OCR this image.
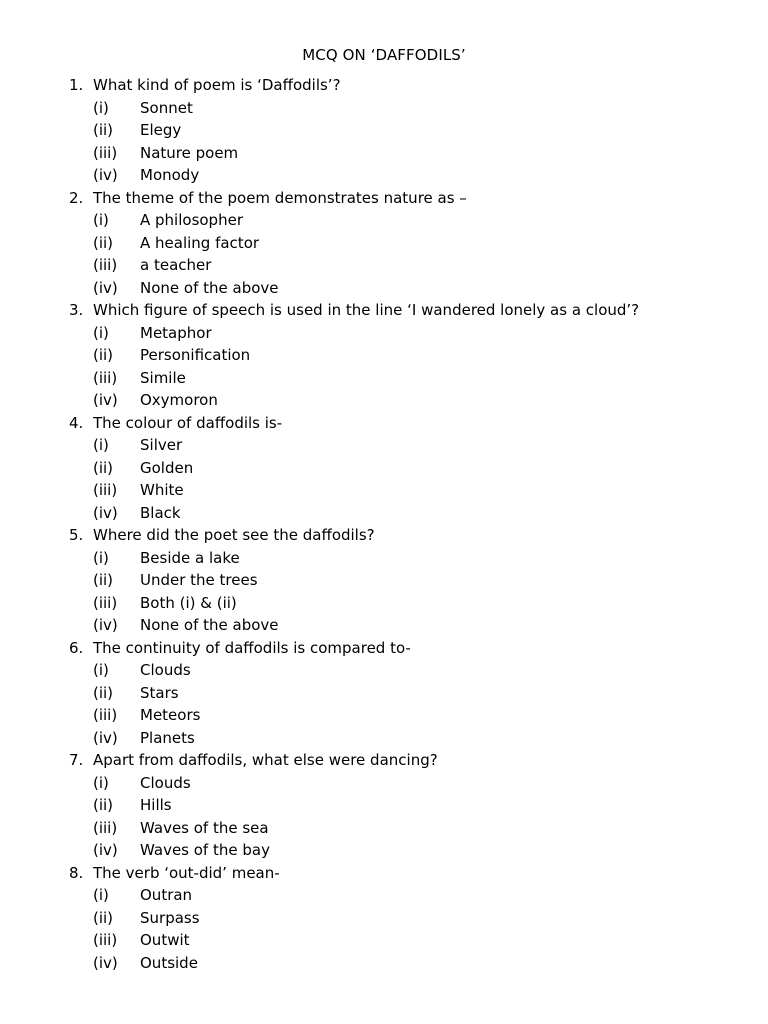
MCQ ON ‘DAFFODILS’
1. What kind of poem is ‘Daffodils’?
(i) Sonnet
(ii) Elegy
(iii) Nature poem
(iv) Monody
2. The theme of the poem demonstrates nature as –
(i) A philosopher
(ii) A healing factor
(iii) a teacher
(iv) None of the above
3. Which figure of speech is used in the line ‘I wandered lonely as a cloud’?
(i) Metaphor
(ii) Personification
(iii) Simile
(iv) Oxymoron
4. The colour of daffodils is-
(i) Silver
(ii) Golden
(iii) White
(iv) Black
5. Where did the poet see the daffodils?
(i) Beside a lake
(ii) Under the trees
(iii) Both (i) & (ii)
(iv) None of the above
6. The continuity of daffodils is compared to-
(i) Clouds
(ii) Stars
(iii) Meteors
(iv) Planets
7. Apart from daffodils, what else were dancing?
(i) Clouds
(ii) Hills
(iii) Waves of the sea
(iv) Waves of the bay
8. The verb ‘out-did’ mean-
(i) Outran
(ii) Surpass
(iii) Outwit
(iv) Outside
